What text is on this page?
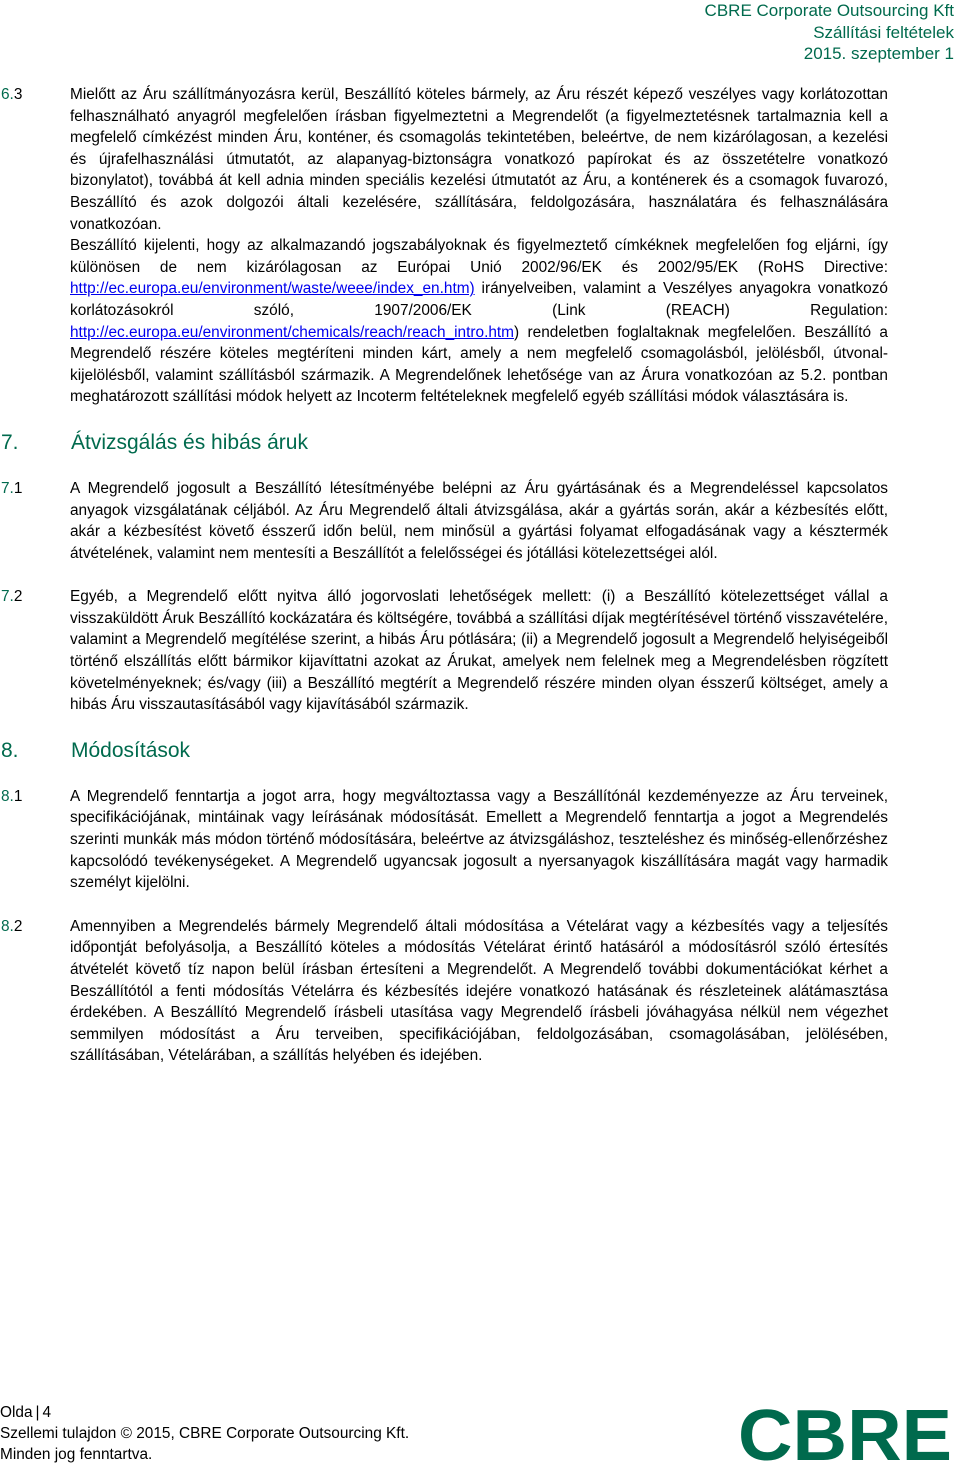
CBRE Corporate Outsourcing Kft
Szállítási feltételek
2015. szeptember 1
6.3	Mielőtt az Áru szállítmányozásra kerül, Beszállító köteles bármely, az Áru részét képező veszélyes vagy korlátozottan felhasználható anyagról megfelelően írásban figyelmeztetni a Megrendelőt (a figyelmeztetésnek tartalmaznia kell a megfelelő címkézést minden Áru, konténer, és csomagolás tekintetében, beleértve, de nem kizárólagosan, a kezelési és újrafelhasználási útmutatót, az alapanyag-biztonságra vonatkozó papírokat és az összetételre vonatkozó bizonylatot), továbbá át kell adnia minden speciális kezelési útmutatót az Áru, a konténerek és a csomagok fuvarozó, Beszállító és azok dolgozói általi kezelésére, szállítására, feldolgozására, használatára és felhasználására vonatkozóan.

Beszállító kijelenti, hogy az alkalmazandó jogszabályoknak és figyelmeztető címkéknek megfelelően fog eljárni, így különösen de nem kizárólagosan az Európai Unió 2002/96/EK és 2002/95/EK (RoHS Directive: http://ec.europa.eu/environment/waste/weee/index_en.htm) irányelveiben, valamint a Veszélyes anyagokra vonatkozó korlátozásokról szóló, 1907/2006/EK (Link (REACH) Regulation: http://ec.europa.eu/environment/chemicals/reach/reach_intro.htm) rendeletben foglaltaknak megfelelően. Beszállító a Megrendelő részére köteles megtéríteni minden kárt, amely a nem megfelelő csomagolásból, jelölésből, útvonal-kijelölésből, valamint szállításból származik. A Megrendelőnek lehetősége van az Árura vonatkozóan az 5.2. pontban meghatározott szállítási módok helyett az Incoterm feltételeknek megfelelő egyéb szállítási módok választására is.

7.	Átvizsgálás és hibás áruk
7.1	A Megrendelő jogosult a Beszállító létesítményébe belépni az Áru gyártásának és a Megrendeléssel kapcsolatos anyagok vizsgálatának céljából. Az Áru Megrendelő általi átvizsgálása, akár a gyártás során, akár a kézbesítés előtt, akár a kézbesítést követő ésszerű időn belül, nem minősül a gyártási folyamat elfogadásának vagy a késztermék átvételének, valamint nem mentesíti a Beszállítót a felelősségei és jótállási kötelezettségei alól.
7.2	Egyéb, a Megrendelő előtt nyitva álló jogorvoslati lehetőségek mellett: (i) a Beszállító kötelezettséget vállal a visszaküldött Áruk Beszállító kockázatára és költségére, továbbá a szállítási díjak megtérítésével történő visszavételére, valamint a Megrendelő megítélése szerint, a hibás Áru pótlására; (ii) a Megrendelő jogosult a Megrendelő helyiségeiből történő elszállítás előtt bármikor kijavíttatni azokat az Árukat, amelyek nem felelnek meg a Megrendelésben rögzített követelményeknek; és/vagy (iii) a Beszállító megtérít a Megrendelő részére minden olyan ésszerű költséget, amely a hibás Áru visszautasításából vagy kijavításából származik.
8.	Módosítások
8.1	A Megrendelő fenntartja a jogot arra, hogy megváltoztassa vagy a Beszállítónál kezdeményezze az Áru terveinek, specifikációjának, mintáinak vagy leírásának módosítását. Emellett a Megrendelő fenntartja a jogot a Megrendelés szerinti munkák más módon történő módosítására, beleértve az átvizsgáláshoz, teszteléshez és minőség-ellenőrzéshez kapcsolódó tevékenységeket. A Megrendelő ugyancsak jogosult a nyersanyagok kiszállítására magát vagy harmadik személyt kijelölni.
8.2	Amennyiben a Megrendelés bármely Megrendelő általi módosítása a Vételárat vagy a kézbesítés vagy a teljesítés időpontját befolyásolja, a Beszállító köteles a módosítás Vételárat érintő hatásáról a módosításról szóló értesítés átvételét követő tíz napon belül írásban értesíteni a Megrendelőt. A Megrendelő további dokumentációkat kérhet a Beszállítótól a fenti módosítás Vételárra és kézbesítés idejére vonatkozó hatásának és részleteinek alátámasztása érdekében. A Beszállító Megrendelő írásbeli utasítása vagy Megrendelő írásbeli jóváhagyása nélkül nem végezhet semmilyen módosítást a Áru terveiben, specifikációjában, feldolgozásában, csomagolásában, jelölésében, szállításában, Vételárában, a szállítás helyében és idejében.
Olda | 4
Szellemi tulajdon © 2015, CBRE Corporate Outsourcing Kft.
Minden jog fenntartva.	CBRE
